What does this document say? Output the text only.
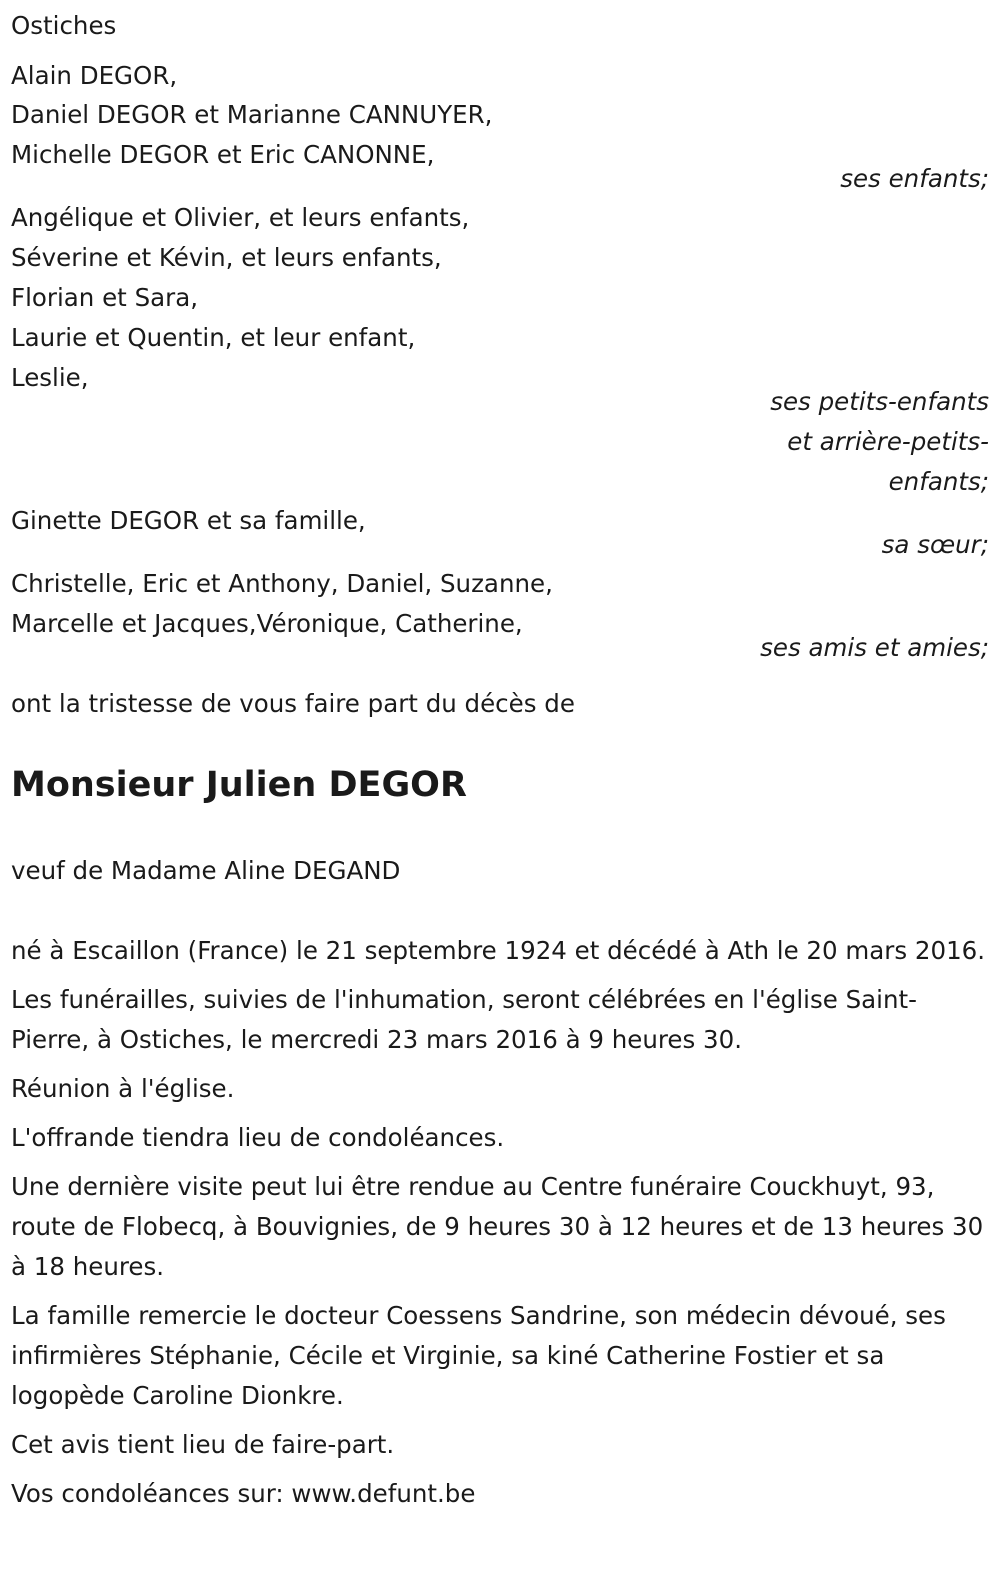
Ostiches
Alain DEGOR,
Daniel DEGOR et Marianne CANNUYER,
Michelle DEGOR et Eric CANONNE,
ses enfants;
Angélique et Olivier, et leurs enfants,
Séverine et Kévin, et leurs enfants,
Florian et Sara,
Laurie et Quentin, et leur enfant,
Leslie,
ses petits-enfants
et arrière-petits-
enfants;
Ginette DEGOR et sa famille,
sa sœur;
Christelle, Eric et Anthony, Daniel, Suzanne,
Marcelle et Jacques,Véronique, Catherine,
ses amis et amies;
ont la tristesse de vous faire part du décès de
Monsieur Julien DEGOR
veuf de Madame Aline DEGAND
né à Escaillon (France) le 21 septembre 1924 et décédé à Ath le 20 mars 2016.
Les funérailles, suivies de l'inhumation, seront célébrées en l'église Saint-Pierre, à Ostiches, le mercredi 23 mars 2016 à 9 heures 30.
Réunion à l'église.
L'offrande tiendra lieu de condoléances.
Une dernière visite peut lui être rendue au Centre funéraire Couckhuyt, 93, route de Flobecq, à Bouvignies, de 9 heures 30 à 12 heures et de 13 heures 30 à 18 heures.
La famille remercie le docteur Coessens Sandrine, son médecin dévoué, ses infirmières Stéphanie, Cécile et Virginie, sa kiné Catherine Fostier et sa logopède Caroline Dionkre.
Cet avis tient lieu de faire-part.
Vos condoléances sur: www.defunt.be
